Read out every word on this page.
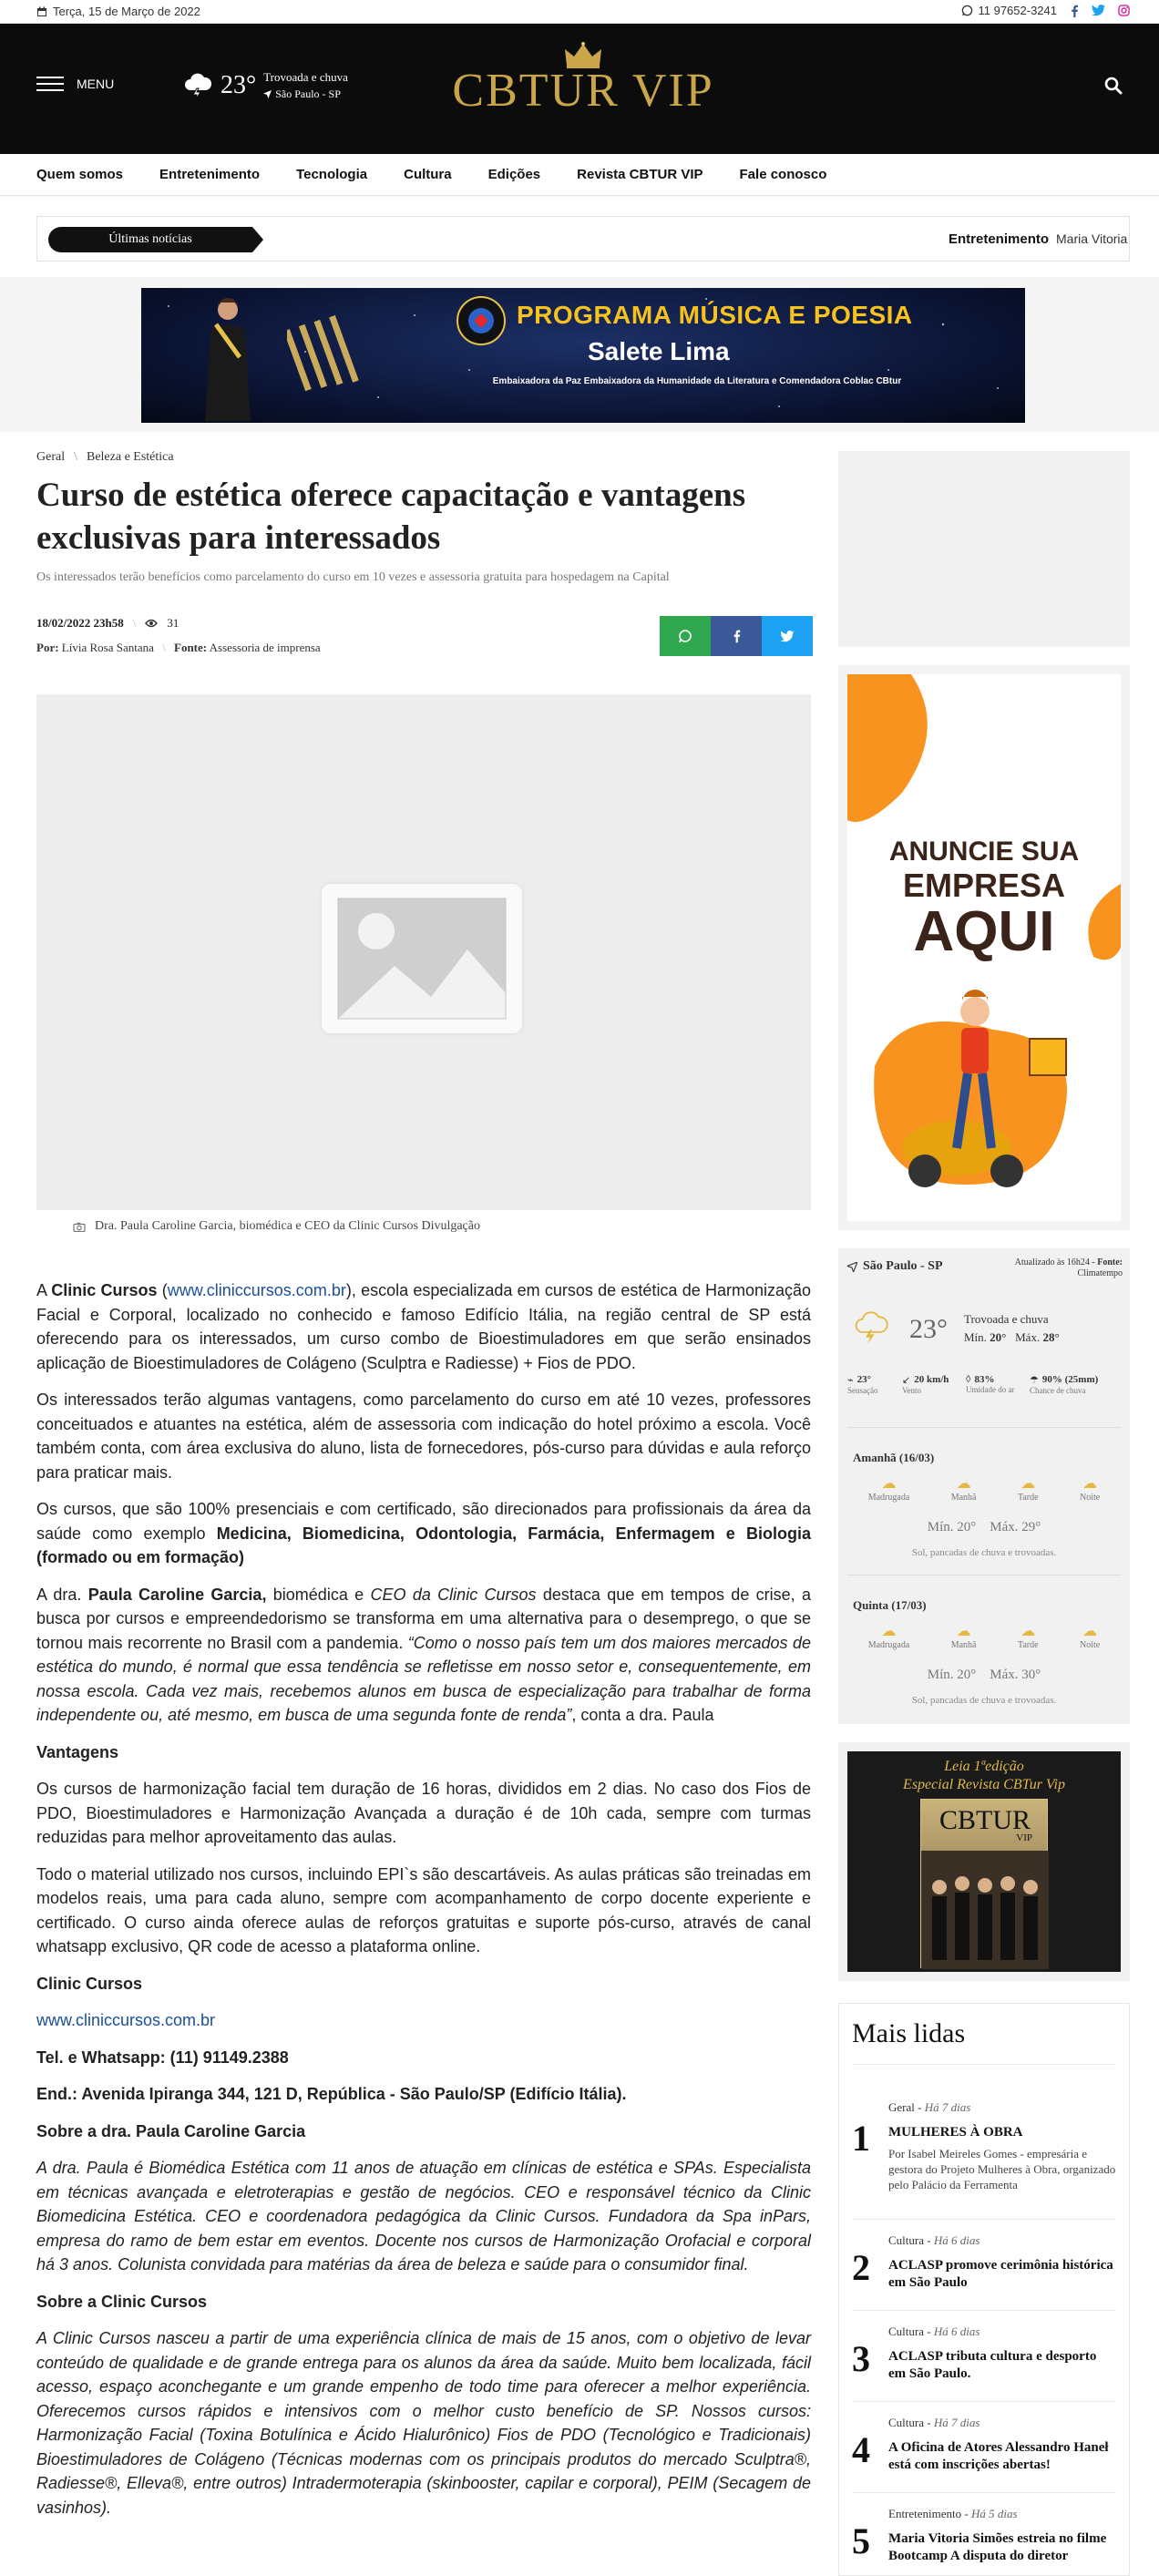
Terça, 15 de Março de 2022	11 97652-3241
MENU	23° Trovoada e chuva
São Paulo - SP CBTUR VIP
Quem somos	Entretenimento	Tecnologia	Cultura	Edições	Revista CBTUR VIP	Fale conosco
Últimas notícias	Entretenimento Maria Vitoria
PROGRAMA MÚSICA E POESIA
Salete Lima
Embaixadora da Paz Embaixadora da Humanidade da Literatura e Comendadora Coblac CBtur
Geral \ Beleza e Estética
Curso de estética oferece capacitação e vantagens exclusivas para interessados
Os interessados terão benefícios como parcelamento do curso em 10 vezes e assessoria gratuita para hospedagem na Capital
18/02/2022 23h58 \	31
Por: Lívia Rosa Santana \ Fonte: Assessoria de imprensa
Dra. Paula Caroline Garcia, biomédica e CEO da Clinic Cursos Divulgação

A Clinic Cursos (www.cliniccursos.com.br), escola especializada em cursos de estética de Harmonização Facial e Corporal, localizado no conhecido e famoso Edifício Itália, na região central de SP está oferecendo para os interessados, um curso combo de Bioestimuladores em que serão ensinados aplicação de Bioestimuladores de Colágeno (Sculptra e Radiesse) + Fios de PDO.

Os interessados terão algumas vantagens, como parcelamento do curso em até 10 vezes, professores conceituados e atuantes na estética, além de assessoria com indicação do hotel próximo a escola. Você também conta, com área exclusiva do aluno, lista de fornecedores, pós-curso para dúvidas e aula reforço para praticar mais.

Os cursos, que são 100% presenciais e com certificado, são direcionados para profissionais da área da saúde como exemplo Medicina, Biomedicina, Odontologia, Farmácia, Enfermagem e Biologia (formado ou em formação)

A dra. Paula Caroline Garcia, biomédica e CEO da Clinic Cursos destaca que em tempos de crise, a busca por cursos e empreendedorismo se transforma em uma alternativa para o desemprego, o que se tornou mais recorrente no Brasil com a pandemia. “Como o nosso país tem um dos maiores mercados de estética do mundo, é normal que essa tendência se refletisse em nosso setor e, consequentemente, em nossa escola. Cada vez mais, recebemos alunos em busca de especialização para trabalhar de forma independente ou, até mesmo, em busca de uma segunda fonte de renda”, conta a dra. Paula

Vantagens

Os cursos de harmonização facial tem duração de 16 horas, divididos em 2 dias. No caso dos Fios de PDO, Bioestimuladores e Harmonização Avançada a duração é de 10h cada, sempre com turmas reduzidas para melhor aproveitamento das aulas.

Todo o material utilizado nos cursos, incluindo EPI`s são descartáveis. As aulas práticas são treinadas em modelos reais, uma para cada aluno, sempre com acompanhamento de corpo docente experiente e certificado. O curso ainda oferece aulas de reforços gratuitas e suporte pós-curso, através de canal whatsapp exclusivo, QR code de acesso a plataforma online.

Clinic Cursos
www.cliniccursos.com.br
Tel. e Whatsapp: (11) 91149.2388
End.: Avenida Ipiranga 344, 121 D, República - São Paulo/SP (Edifício Itália).
Sobre a dra. Paula Caroline Garcia

A dra. Paula é Biomédica Estética com 11 anos de atuação em clínicas de estética e SPAs. Especialista em técnicas avançada e eletroterapias e gestão de negócios. CEO e responsável técnico da Clinic Biomedicina Estética. CEO e coordenadora pedagógica da Clinic Cursos. Fundadora da Spa inPars, empresa do ramo de bem estar em eventos. Docente nos cursos de Harmonização Orofacial e corporal há 3 anos. Colunista convidada para matérias da área de beleza e saúde para o consumidor final.

Sobre a Clinic Cursos

A Clinic Cursos nasceu a partir de uma experiência clínica de mais de 15 anos, com o objetivo de levar conteúdo de qualidade e de grande entrega para os alunos da área da saúde. Muito bem localizada, fácil acesso, espaço aconchegante e um grande empenho de todo time para oferecer a melhor experiência. Oferecemos cursos rápidos e intensivos com o melhor custo benefício de SP. Nossos cursos: Harmonização Facial (Toxina Botulínica e Ácido Hialurônico) Fios de PDO (Tecnológico e Tradicionais) Bioestimuladores de Colágeno (Técnicas modernas com os principais produtos do mercado Sculptra®, Radiesse®, Elleva®, entre outros) Intradermoterapia (skinbooster, capilar e corporal), PEIM (Secagem de vasinhos).

ANUNCIE SUA
EMPRESA
AQUI
São Paulo - SP	Atualizado às 16h24 - Fonte: Climatempo
23° Trovoada e chuva
Mín. 20° Máx. 28°
⌁ 23°
Sensação
↙ 20 km/h
Vento
◊ 83%
Umidade do ar
☂ 90% (25mm)
Chance de chuva
Amanhã (16/03)
☁
Madrugada
☁
Manhã
☁
Tarde
☁
Noite
Mín. 20° Máx. 29°
Sol, pancadas de chuva e trovoadas.
Quinta (17/03)
☁
Madrugada
☁
Manhã
☁
Tarde
☁
Noite
Mín. 20° Máx. 30°
Sol, pancadas de chuva e trovoadas.
Leia 1ªedição
Especial Revista CBTur Vip
CBTUR
VIP
Mais lidas
1
Geral - Há 7 dias
MULHERES À OBRA
Por Isabel Meireles Gomes - empresária e gestora do Projeto Mulheres à Obra, organizado pelo Palácio da Ferramenta
2
Cultura - Há 6 dias
ACLASP promove cerimônia histórica em São Paulo
3
Cultura - Há 6 dias
ACLASP tributa cultura e desporto em São Paulo.
4
Cultura - Há 7 dias
A Oficina de Atores Alessandro Haneł está com inscrições abertas!
5
Entretenimento - Há 5 dias
Maria Vitoria Simões estreia no filme Bootcamp A disputa do diretor
